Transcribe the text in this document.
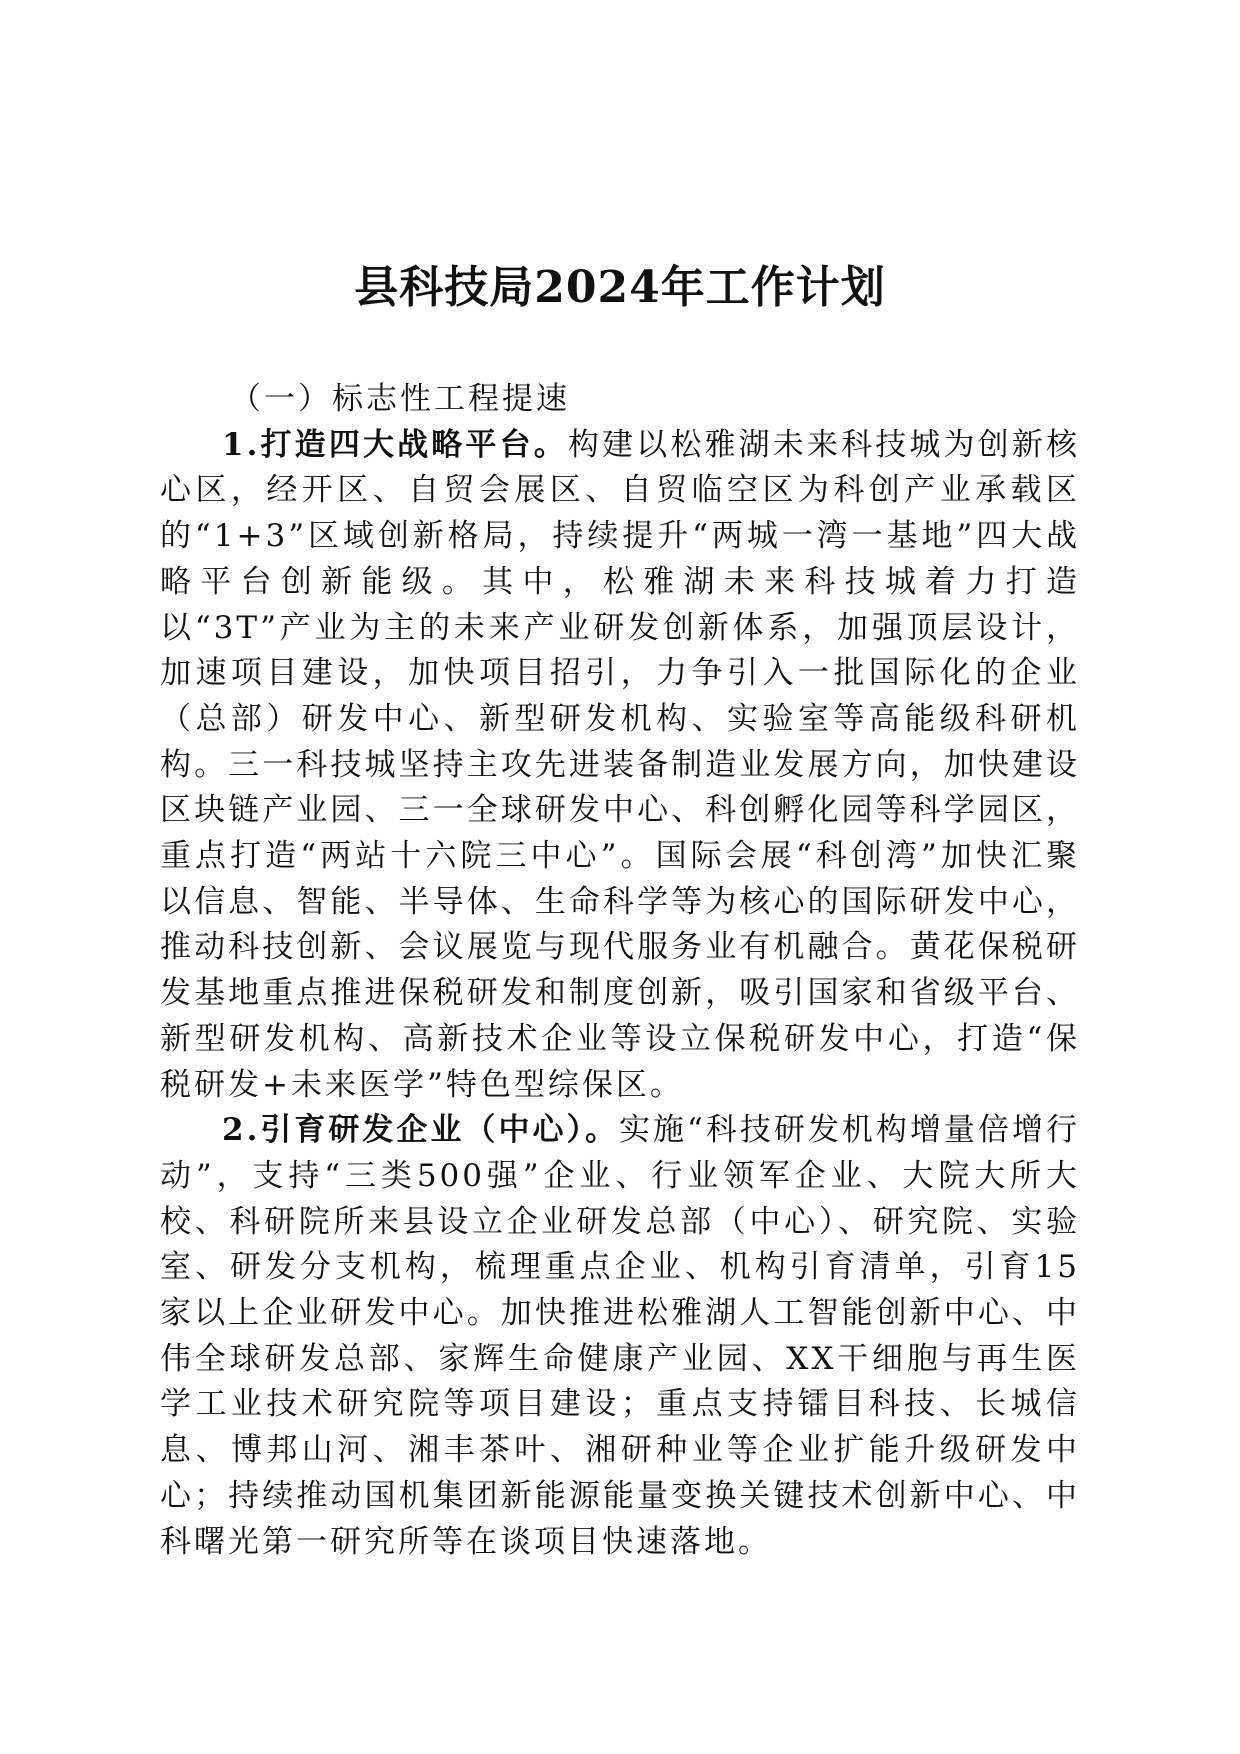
县科技局2024年工作计划

（一）标志性工程提速

1.打造四大战略平台。构建以松雅湖未来科技城为创新核心区，经开区、自贸会展区、自贸临空区为科创产业承载区的“1+3”区域创新格局，持续提升“两城一湾一基地”四大战略平台创新能级。其中，松雅湖未来科技城着力打造以“3T”产业为主的未来产业研发创新体系，加强顶层设计，加速项目建设，加快项目招引，力争引入一批国际化的企业（总部）研发中心、新型研发机构、实验室等高能级科研机构。三一科技城坚持主攻先进装备制造业发展方向，加快建设区块链产业园、三一全球研发中心、科创孵化园等科学园区，重点打造“两站十六院三中心”。国际会展“科创湾”加快汇聚以信息、智能、半导体、生命科学等为核心的国际研发中心，推动科技创新、会议展览与现代服务业有机融合。黄花保税研发基地重点推进保税研发和制度创新，吸引国家和省级平台、新型研发机构、高新技术企业等设立保税研发中心，打造“保税研发+未来医学”特色型综保区。

2.引育研发企业（中心）。实施“科技研发机构增量倍增行动”，支持“三类500强”企业、行业领军企业、大院大所大校、科研院所来县设立企业研发总部（中心）、研究院、实验室、研发分支机构，梳理重点企业、机构引育清单，引育15家以上企业研发中心。加快推进松雅湖人工智能创新中心、中伟全球研发总部、家辉生命健康产业园、XX干细胞与再生医学工业技术研究院等项目建设；重点支持镭目科技、长城信息、博邦山河、湘丰茶叶、湘研种业等企业扩能升级研发中心；持续推动国机集团新能源能量变换关键技术创新中心、中科曙光第一研究所等在谈项目快速落地。
